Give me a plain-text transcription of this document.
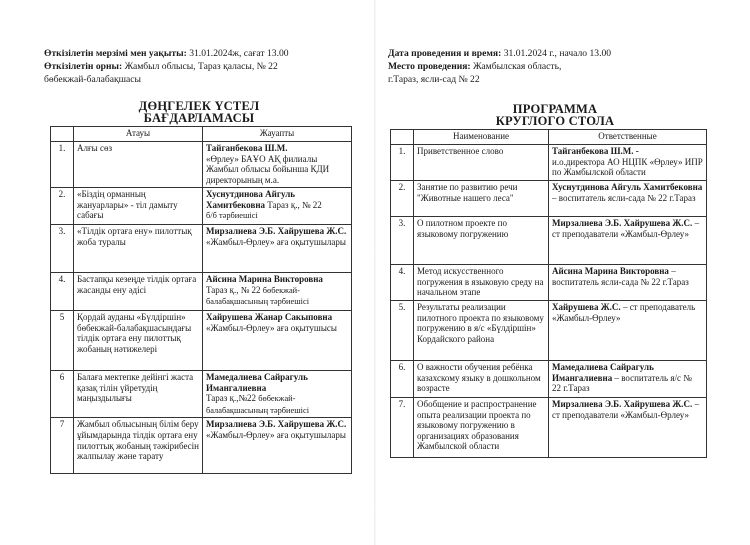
Өткізілетін мерзімі мен уақыты: 31.01.2024ж, сағат 13.00
Өткізілетін орны: Жамбыл облысы, Тараз қаласы, № 22
бөбекжай-балабақшасы
ДӨҢГЕЛЕК ҮСТЕЛ
БАҒДАРЛАМАСЫ
	Атауы	Жауапты
1.	Алғы сөз	Тайганбекова Ш.М.
«Өрлеу» БАҰО АҚ филиалы Жамбыл облысы бойынша КДИ директорының м.а.
2.	«Біздің орманның жануарлары» - тіл дамыту сабағы	Хуснутдинова Айгуль Хамитбековна Тараз қ., № 22
б/б тәрбиешісі
3.	«Тілдік ортаға ену» пилоттық жоба туралы	Мирзалиева Э.Б. Хайрушева Ж.С.
«Жамбыл-Өрлеу» аға оқытушылары
4.	Бастапқы кезеңде тілдік ортаға жасанды ену әдісі	Айсина Марина Викторовна
Тараз қ., № 22 бөбекжай-балабақшасының тәрбиешісі
5	Қордай ауданы «Бүлдіршін» бөбекжай-балабақшасындағы тілдік ортаға ену пилоттық жобаның нәтижелері	Хайрушева Жанар Сакыповна
«Жамбыл-Өрлеу» аға оқытушысы
6	Балаға мектепке дейінгі жаста қазақ тілін үйретудің маңыздылығы	Мамедалиева Сайрагуль Имангалиевна
Тараз қ.,№22 бөбекжай-балабақшасының тәрбиешісі
7	Жамбыл облысының білім беру ұйымдарында тілдік ортаға ену пилоттық жобаның тәжірибесін жалпылау және тарату	Мирзалиева Э.Б. Хайрушева Ж.С.
«Жамбыл-Өрлеу» аға оқытушылары
Дата проведения и время: 31.01.2024 г., начало 13.00
Место проведения: Жамбылская область,
г.Тараз, ясли-сад № 22
ПРОГРАММА
КРУГЛОГО СТОЛА
	Наименование	Ответственные
1.	Приветственное слово	Тайганбекова Ш.М. -
и.о.директора АО НЦПК «Өрлеу» ИПР по Жамбылской области
2.	Занятие по развитию речи "Животные нашего леса"	Хуснутдинова Айгуль Хамитбековна – воспитатель ясли-сада № 22 г.Тараз
3.	О пилотном проекте по языковому погружению	Мирзалиева Э.Б. Хайрушева Ж.С. – ст преподаватели «Жамбыл-Өрлеу»
4.	Метод искусственного погружения в языковую среду на начальном этапе	Айсина Марина Викторовна – воспитатель ясли-сада № 22 г.Тараз
5.	Результаты реализации пилотного проекта по языковому погружению в я/с «Бүлдіршін» Кордайского района	Хайрушева Ж.С. – ст преподаватель «Жамбыл-Өрлеу»
6.	О важности обучения ребёнка казахскому языку в дошкольном возрасте	Мамедалиева Сайрагуль Имангалиевна – воспитатель я/с № 22 г.Тараз
7.	Обобщение и распространение опыта реализации проекта по языковому погружению в организациях образования Жамбылской области	Мирзалиева Э.Б. Хайрушева Ж.С. – ст преподаватели «Жамбыл-Өрлеу»
